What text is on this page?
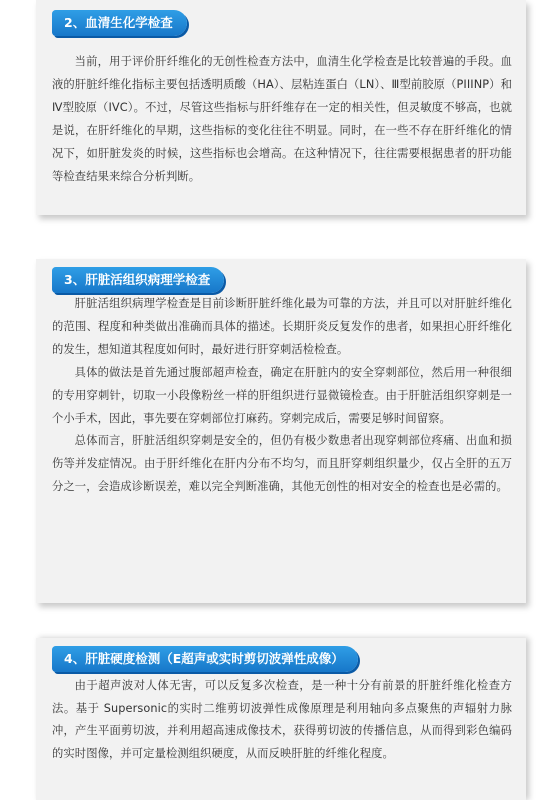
2、血清生化学检查

当前，用于评价肝纤维化的无创性检查方法中，血清生化学检查是比较普遍的手段。血液的肝脏纤维化指标主要包括透明质酸（HA）、层粘连蛋白（LN）、Ⅲ型前胶原（PIIINP）和Ⅳ型胶原（IVC）。不过，尽管这些指标与肝纤维存在一定的相关性，但灵敏度不够高，也就是说，在肝纤维化的早期，这些指标的变化往往不明显。同时，在一些不存在肝纤维化的情况下，如肝脏发炎的时候，这些指标也会增高。在这种情况下，往往需要根据患者的肝功能等检查结果来综合分析判断。

3、肝脏活组织病理学检查

肝脏活组织病理学检查是目前诊断肝脏纤维化最为可靠的方法，并且可以对肝脏纤维化的范围、程度和种类做出准确而具体的描述。长期肝炎反复发作的患者，如果担心肝纤维化的发生，想知道其程度如何时，最好进行肝穿刺活检检查。

具体的做法是首先通过腹部超声检查，确定在肝脏内的安全穿刺部位，然后用一种很细的专用穿刺针，切取一小段像粉丝一样的肝组织进行显微镜检查。由于肝脏活组织穿刺是一个小手术，因此，事先要在穿刺部位打麻药。穿刺完成后，需要足够时间留察。

总体而言，肝脏活组织穿刺是安全的，但仍有极少数患者出现穿刺部位疼痛、出血和损伤等并发症情况。由于肝纤维化在肝内分布不均匀，而且肝穿刺组织量少，仅占全肝的五万分之一，会造成诊断误差，难以完全判断准确，其他无创性的相对安全的检查也是必需的。

4、肝脏硬度检测（E超声或实时剪切波弹性成像）

由于超声波对人体无害，可以反复多次检查，是一种十分有前景的肝脏纤维化检查方法。基于 Supersonic的实时二维剪切波弹性成像原理是利用轴向多点聚焦的声辐射力脉冲，产生平面剪切波，并利用超高速成像技术，获得剪切波的传播信息，从而得到彩色编码的实时图像，并可定量检测组织硬度，从而反映肝脏的纤维化程度。
